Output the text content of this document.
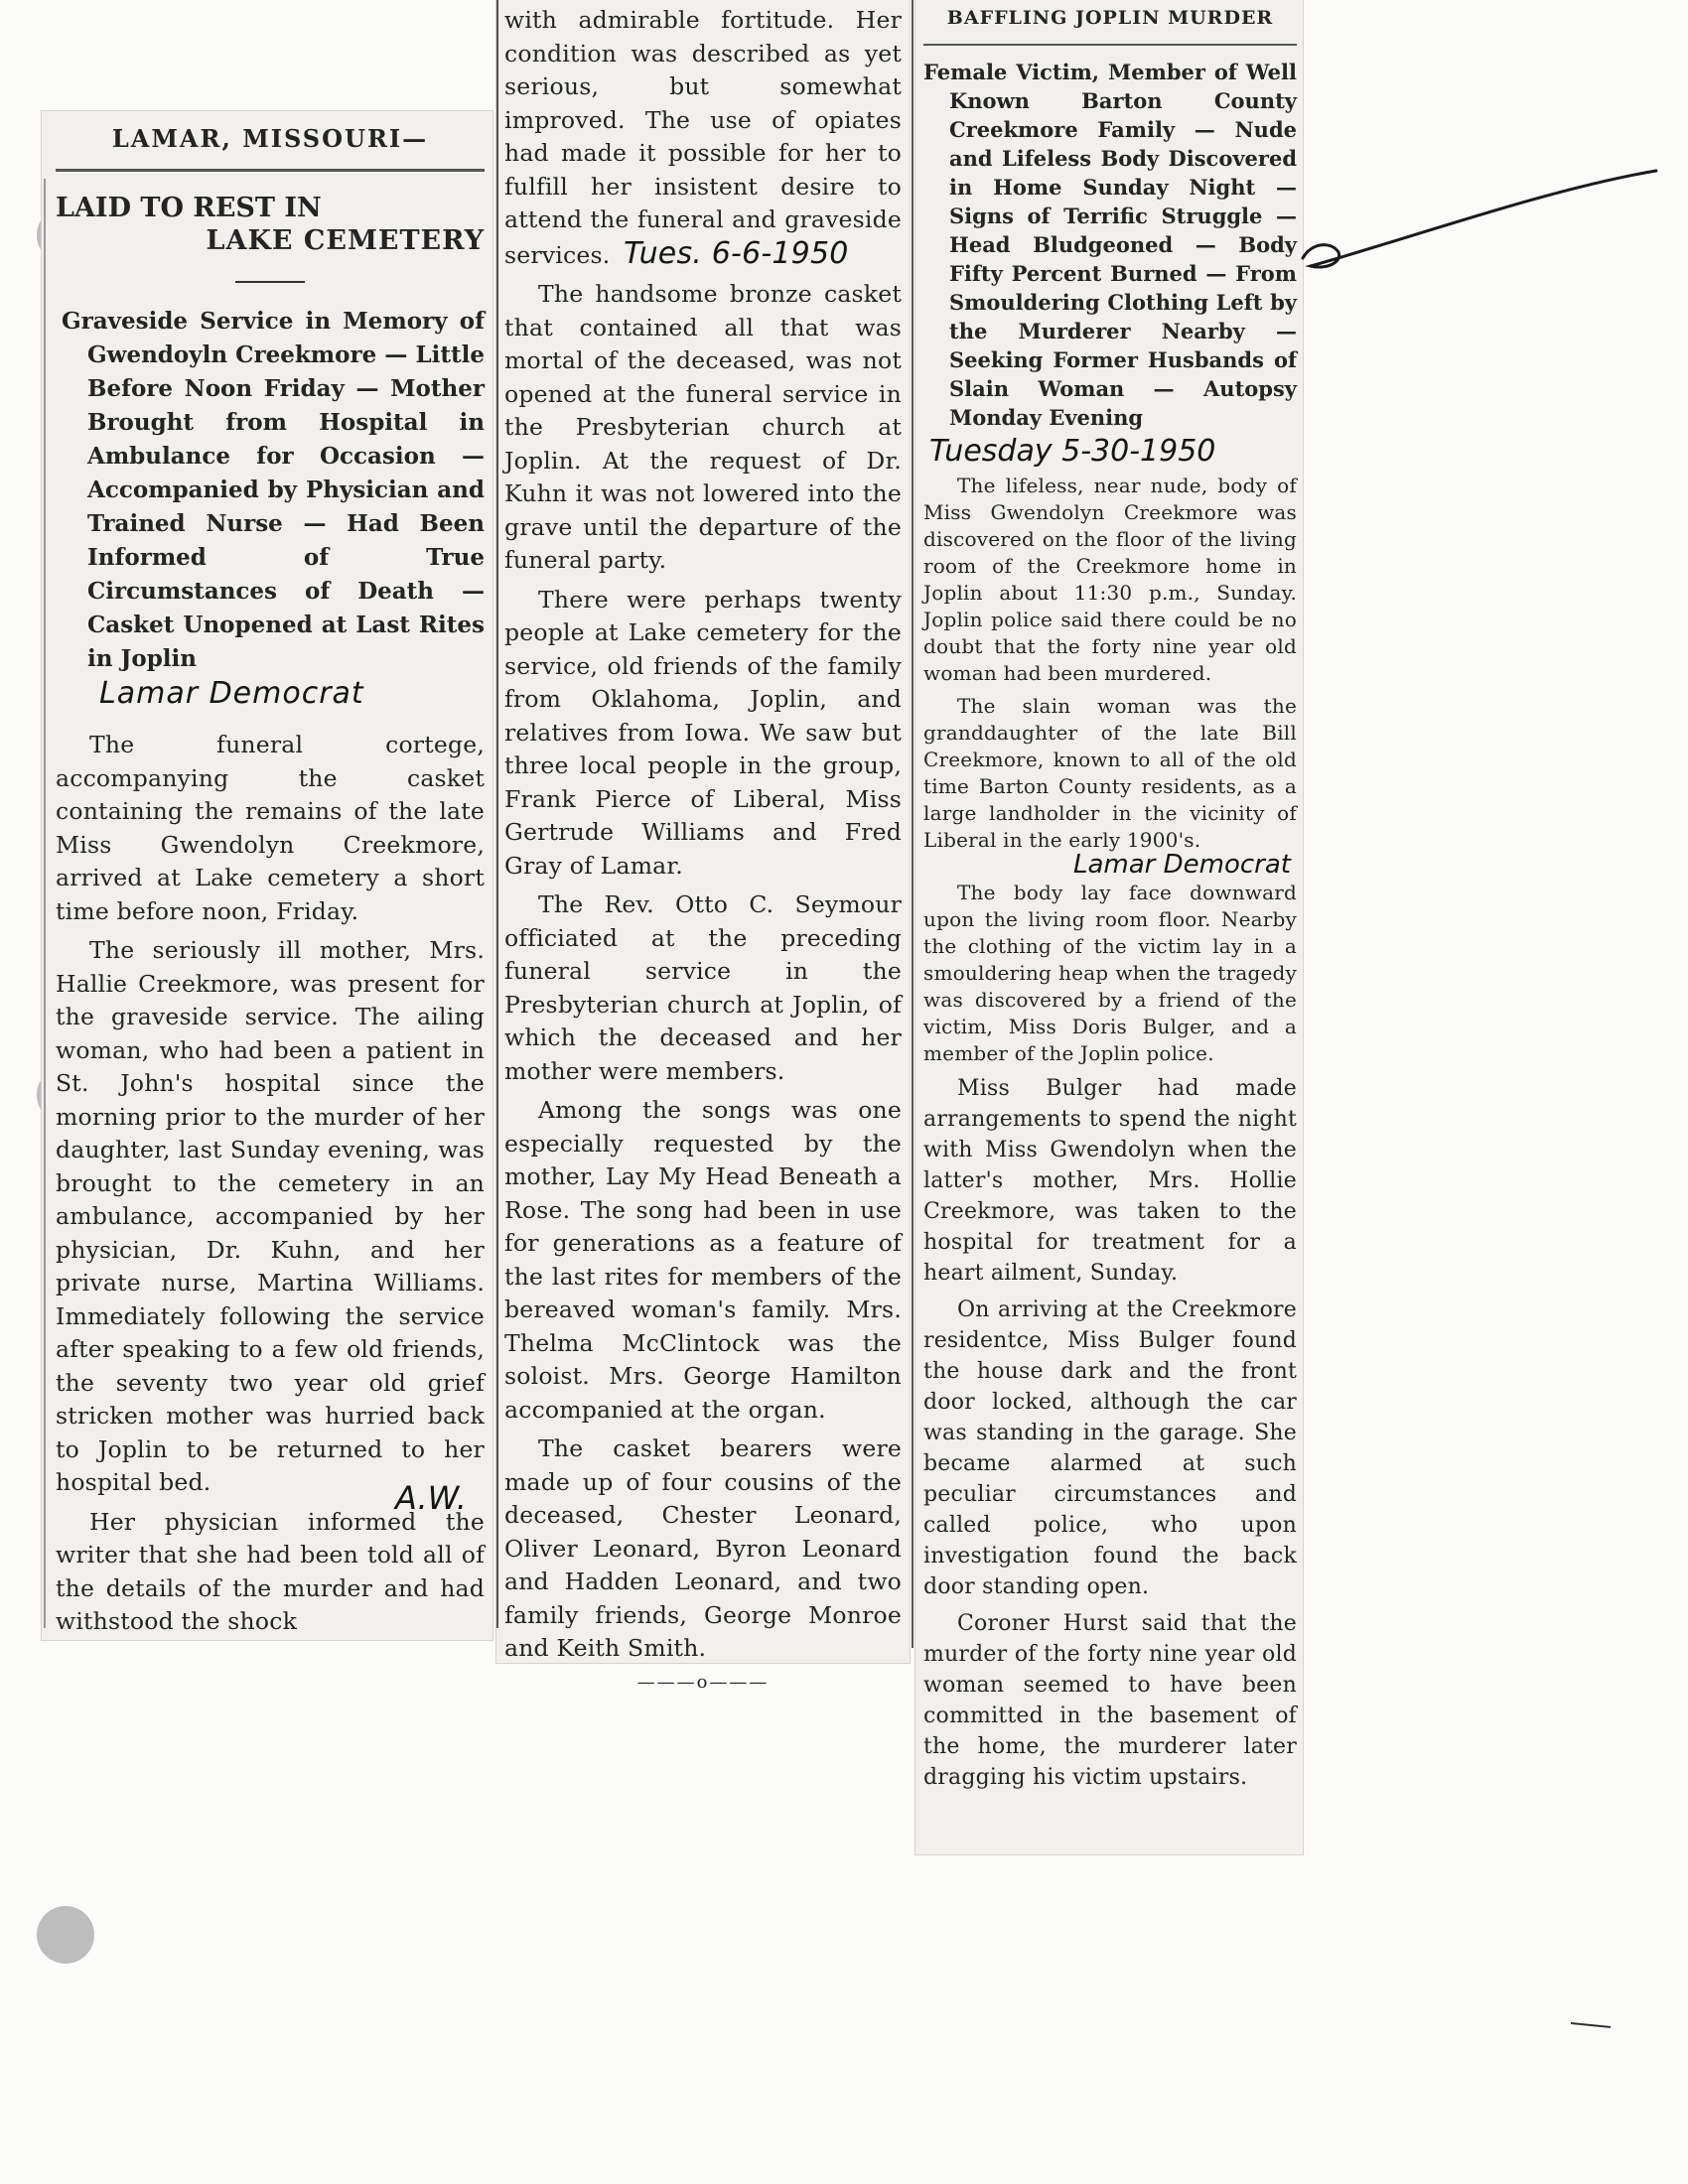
LAMAR, MISSOURI —

LAID TO REST IN

LAKE CEMETERY

Graveside Service in Memory of Gwendoyln Creekmore — Little Before Noon Friday — Mother Brought from Hospital in Ambulance for Occasion — Accompanied by Physician and Trained Nurse — Had Been Informed of True Circumstances of Death — Casket Unopened at Last Rites in Joplin

Lamar Democrat

The funeral cortege, accompanying the casket containing the remains of the late Miss Gwendolyn Creekmore, arrived at Lake cemetery a short time before noon, Friday.

The seriously ill mother, Mrs. Hallie Creekmore, was present for the graveside service. The ailing woman, who had been a patient in St. John's hospital since the morning prior to the murder of her daughter, last Sunday evening, was brought to the cemetery in an ambulance, accompanied by her physician, Dr. Kuhn, and her private nurse, Martina Williams. Immediately following the service after speaking to a few old friends, the seventy two year old grief stricken mother was hurried back to Joplin to be returned to her hospital bed.

Her physician informed the writer that she had been told all of the details of the murder and had withstood the shock

A.W.

with admirable fortitude. Her condition was described as yet serious, but somewhat improved. The use of opiates had made it possible for her to fulfill her insistent desire to attend the funeral and graveside services. Tues. 6-6-1950

The handsome bronze casket that contained all that was mortal of the deceased, was not opened at the funeral service in the Presbyterian church at Joplin. At the request of Dr. Kuhn it was not lowered into the grave until the departure of the funeral party.

There were perhaps twenty people at Lake cemetery for the service, old friends of the family from Oklahoma, Joplin, and relatives from Iowa. We saw but three local people in the group, Frank Pierce of Liberal, Miss Gertrude Williams and Fred Gray of Lamar.

The Rev. Otto C. Seymour officiated at the preceding funeral service in the Presbyterian church at Joplin, of which the deceased and her mother were members.

Among the songs was one especially requested by the mother, Lay My Head Beneath a Rose. The song had been in use for generations as a feature of the last rites for members of the bereaved woman's family. Mrs. Thelma McClintock was the soloist. Mrs. George Hamilton accompanied at the organ.

The casket bearers were made up of four cousins of the deceased, Chester Leonard, Oliver Leonard, Byron Leonard and Hadden Leonard, and two family friends, George Monroe and Keith Smith.

———o———
BAFFLING JOPLIN MURDER

Female Victim, Member of Well Known Barton County Creekmore Family — Nude and Lifeless Body Discovered in Home Sunday Night — Signs of Terrific Struggle — Head Bludgeoned — Body Fifty Percent Burned — From Smouldering Clothing Left by the Murderer Nearby — Seeking Former Husbands of Slain Woman — Autopsy Monday Evening

Tuesday 5-30-1950

The lifeless, near nude, body of Miss Gwendolyn Creekmore was discovered on the floor of the living room of the Creekmore home in Joplin about 11:30 p.m., Sunday. Joplin police said there could be no doubt that the forty nine year old woman had been murdered.

The slain woman was the granddaughter of the late Bill Creekmore, known to all of the old time Barton County residents, as a large landholder in the vicinity of Liberal in the early 1900's.

Lamar Democrat

The body lay face downward upon the living room floor. Nearby the clothing of the victim lay in a smouldering heap when the tragedy was discovered by a friend of the victim, Miss Doris Bulger, and a member of the Joplin police.

Miss Bulger had made arrangements to spend the night with Miss Gwendolyn when the latter's mother, Mrs. Hollie Creekmore, was taken to the hospital for treatment for a heart ailment, Sunday.

On arriving at the Creekmore residentce, Miss Bulger found the house dark and the front door locked, although the car was standing in the garage. She became alarmed at such peculiar circumstances and called police, who upon investigation found the back door standing open.

Coroner Hurst said that the murder of the forty nine year old woman seemed to have been committed in the basement of the home, the murderer later dragging his victim upstairs.
